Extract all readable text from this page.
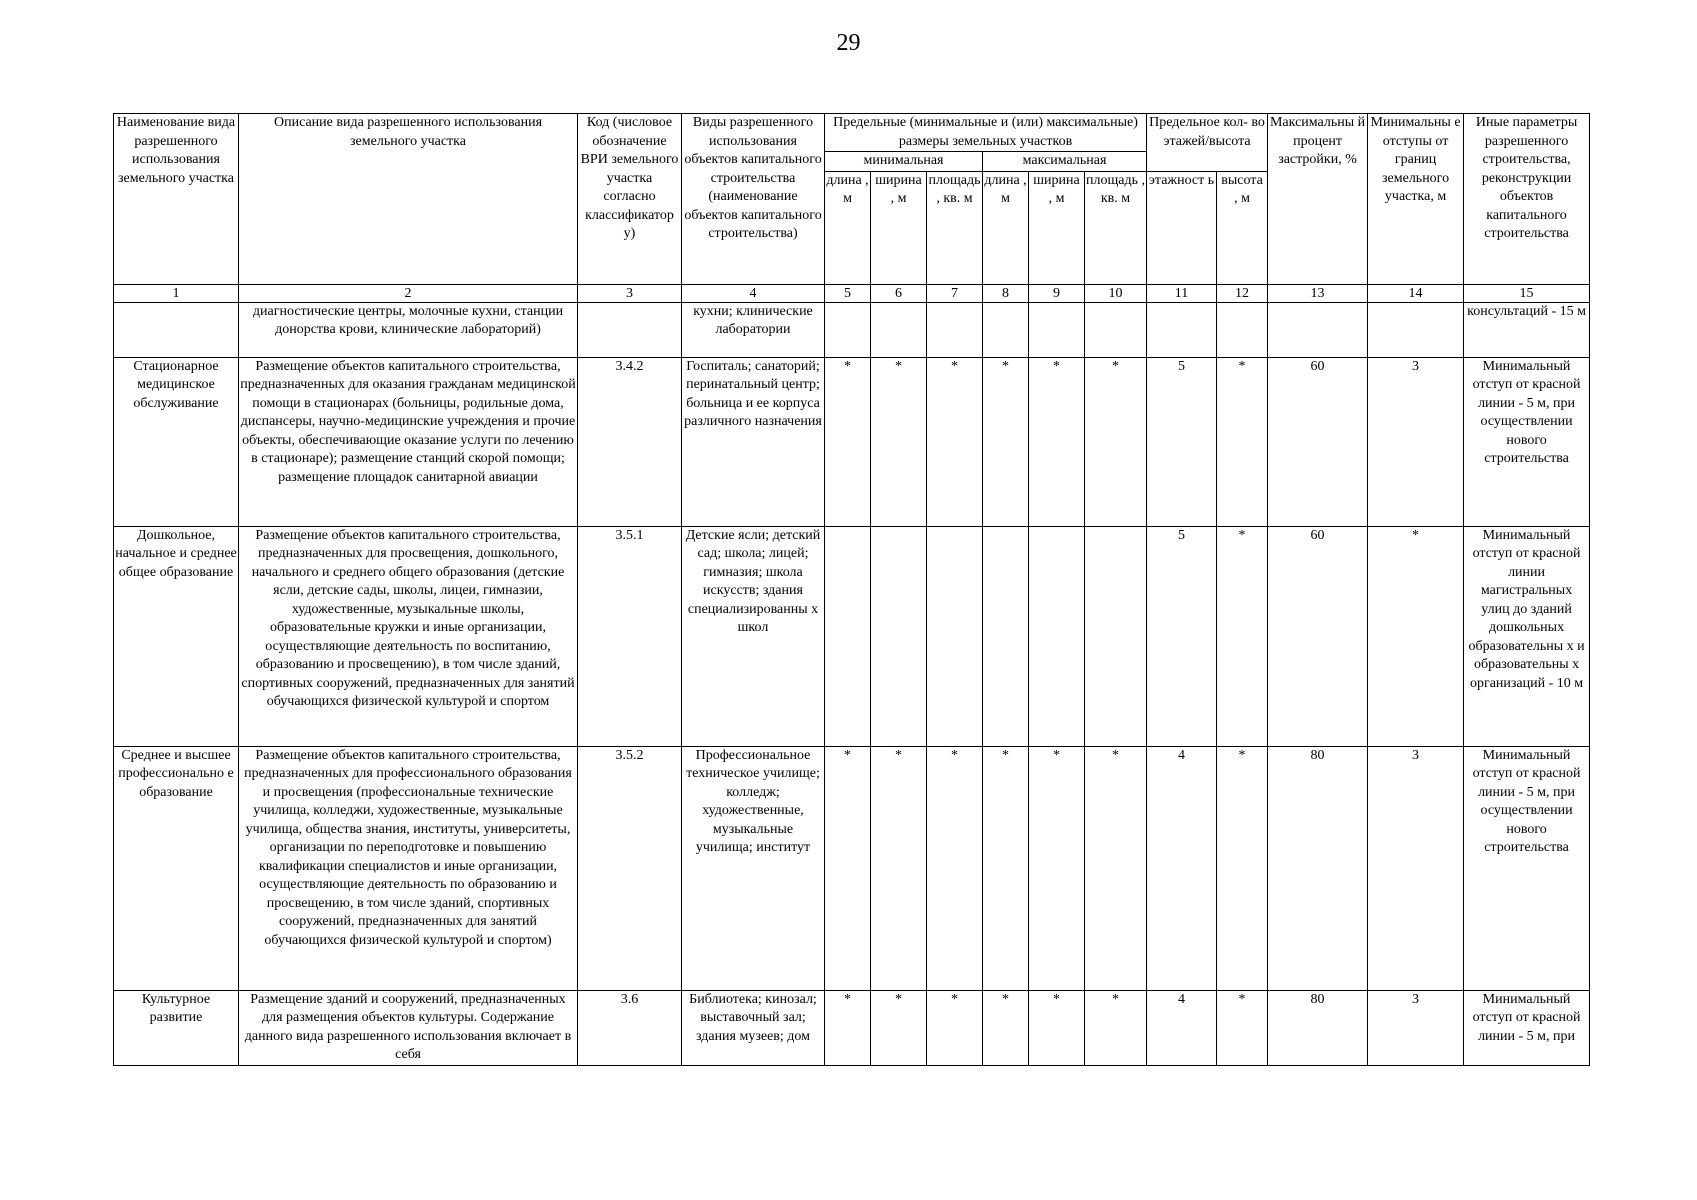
29
Наименование вида разрешенного использования земельного участка	Описание вида разрешенного использования земельного участка	Код (числовое обозначение ВРИ земельного участка согласно классификатор у)	Виды разрешенного использования объектов капитального строительства (наименование объектов капитального строительства)	Предельные (минимальные и (или) максимальные) размеры земельных участков						Предельное кол- во этажей/высота		Максимальны й процент застройки, %	Минимальны е отступы от границ земельного участка, м	Иные параметры разрешенного строительства, реконструкции объектов капитального строительства
				минимальная			максимальная							
				длина , м	ширина , м	площадь , кв. м	длина , м	ширина , м	площадь , кв. м	этажност ь	высота , м			
1	2	3	4	5	6	7	8	9	10	11	12	13	14	15
	диагностические центры, молочные кухни, станции донорства крови, клинические лабораторий)		кухни; клинические лаборатории											консультаций - 15 м
Стационарное медицинское обслуживание	Размещение объектов капитального строительства, предназначенных для оказания гражданам медицинской помощи в стационарах (больницы, родильные дома, диспансеры, научно-медицинские учреждения и прочие объекты, обеспечивающие оказание услуги по лечению в стационаре); размещение станций скорой помощи; размещение площадок санитарной авиации	3.4.2	Госпиталь; санаторий; перинатальный центр; больница и ее корпуса различного назначения	*	*	*	*	*	*	5	*	60	3	Минимальный отступ от красной линии - 5 м, при осуществлении нового строительства
Дошкольное, начальное и среднее общее образование	Размещение объектов капитального строительства, предназначенных для просвещения, дошкольного, начального и среднего общего образования (детские ясли, детские сады, школы, лицеи, гимназии, художественные, музыкальные школы, образовательные кружки и иные организации, осуществляющие деятельность по воспитанию, образованию и просвещению), в том числе зданий, спортивных сооружений, предназначенных для занятий обучающихся физической культурой и спортом	3.5.1	Детские ясли; детский сад; школа; лицей; гимназия; школа искусств; здания специализированны х школ							5	*	60	*	Минимальный отступ от красной линии магистральных улиц до зданий дошкольных образовательны х и образовательны х организаций - 10 м
Среднее и высшее профессионально е образование	Размещение объектов капитального строительства, предназначенных для профессионального образования и просвещения (профессиональные технические училища, колледжи, художественные, музыкальные училища, общества знания, институты, университеты, организации по переподготовке и повышению квалификации специалистов и иные организации, осуществляющие деятельность по образованию и просвещению, в том числе зданий, спортивных сооружений, предназначенных для занятий обучающихся физической культурой и спортом)	3.5.2	Профессиональное техническое училище; колледж; художественные, музыкальные училища; институт	*	*	*	*	*	*	4	*	80	3	Минимальный отступ от красной линии - 5 м, при осуществлении нового строительства
Культурное развитие	Размещение зданий и сооружений, предназначенных для размещения объектов культуры. Содержание данного вида разрешенного использования включает в себя	3.6	Библиотека; кинозал; выставочный зал; здания музеев; дом	*	*	*	*	*	*	4	*	80	3	Минимальный отступ от красной линии - 5 м, при
